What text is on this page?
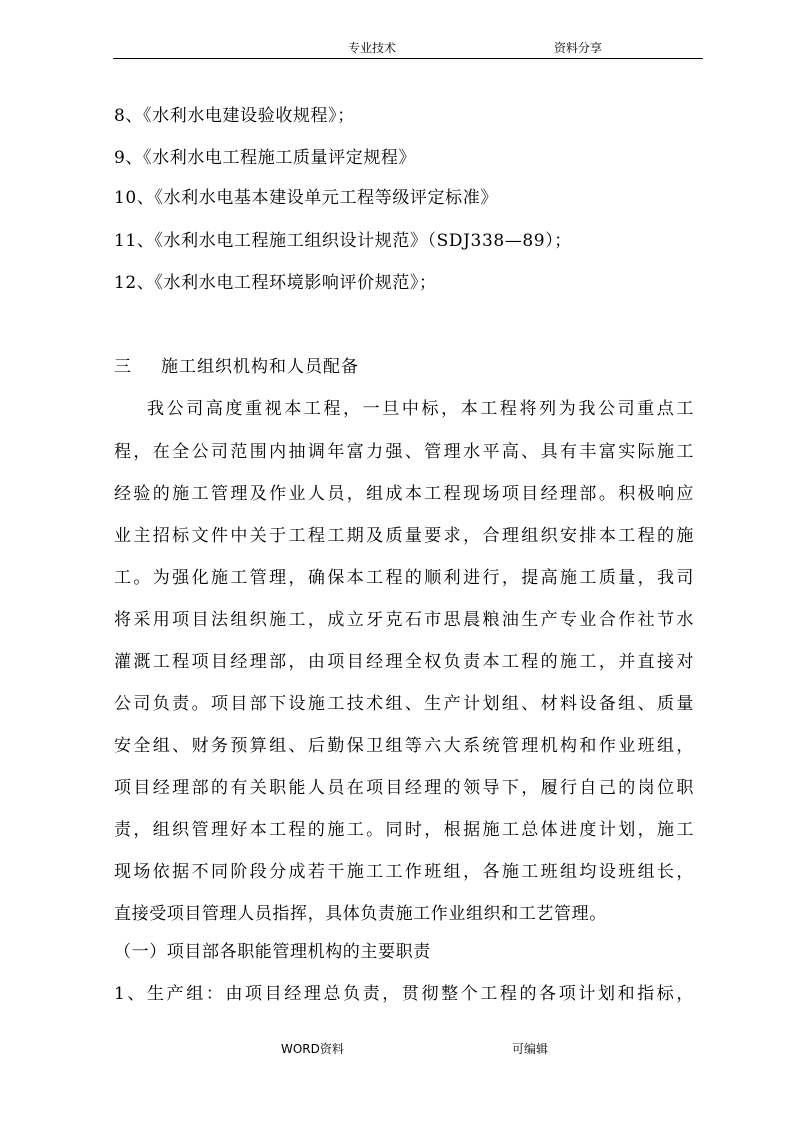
专业技术	资料分享
8、《水利水电建设验收规程》；
9、《水利水电工程施工质量评定规程》
10、《水利水电基本建设单元工程等级评定标准》
11、《水利水电工程施工组织设计规范》（SDJ338—89）；
12、《水利水电工程环境影响评价规范》；
三 施工组织机构和人员配备
我公司高度重视本工程，一旦中标，本工程将列为我公司重点工
程，在全公司范围内抽调年富力强、管理水平高、具有丰富实际施工
经验的施工管理及作业人员，组成本工程现场项目经理部。积极响应
业主招标文件中关于工程工期及质量要求，合理组织安排本工程的施
工。为强化施工管理，确保本工程的顺利进行，提高施工质量，我司
将采用项目法组织施工，成立牙克石市思晨粮油生产专业合作社节水
灌溉工程项目经理部，由项目经理全权负责本工程的施工，并直接对
公司负责。项目部下设施工技术组、生产计划组、材料设备组、质量
安全组、财务预算组、后勤保卫组等六大系统管理机构和作业班组，
项目经理部的有关职能人员在项目经理的领导下，履行自己的岗位职
责，组织管理好本工程的施工。同时，根据施工总体进度计划，施工
现场依据不同阶段分成若干施工工作班组，各施工班组均设班组长，
直接受项目管理人员指挥，具体负责施工作业组织和工艺管理。
（一）项目部各职能管理机构的主要职责
1、生产组：由项目经理总负责，贯彻整个工程的各项计划和指标，
WORD资料	可编辑
